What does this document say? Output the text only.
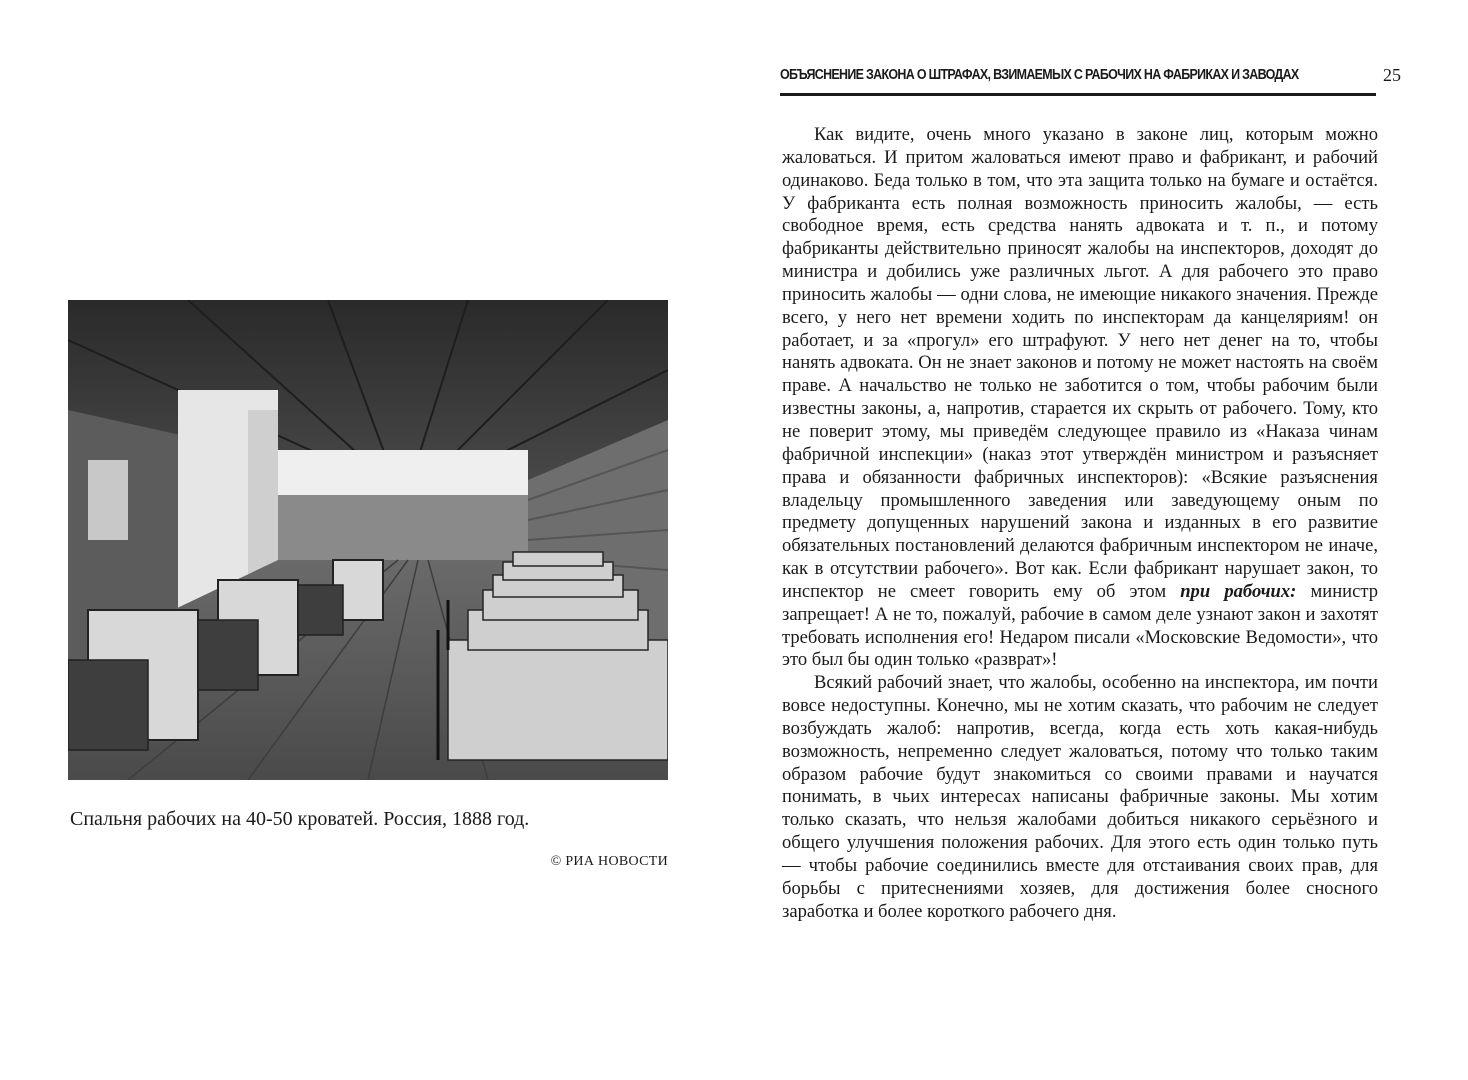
Спальня рабочих на 40-50 кроватей. Россия, 1888 год.
© РИА НОВОСТИ
ОБЪЯСНЕНИЕ ЗАКОНА О ШТРАФАХ, ВЗИМАЕМЫХ С РАБОЧИХ НА ФАБРИКАХ И ЗАВОДАХ	25

Как видите, очень много указано в законе лиц, которым можно жаловаться. И притом жаловаться имеют право и фабрикант, и рабочий одинаково. Беда только в том, что эта защита только на бумаге и остаётся. У фабриканта есть полная возможность приносить жалобы, — есть свободное время, есть средства нанять адвоката и т. п., и потому фабриканты действительно приносят жалобы на инспекторов, доходят до министра и добились уже различных льгот. А для рабочего это право приносить жалобы — одни слова, не имеющие никакого значения. Прежде всего, у него нет времени ходить по инспекторам да канцеляриям! он работает, и за «прогул» его штрафуют. У него нет денег на то, чтобы нанять адвоката. Он не знает законов и потому не может настоять на своём праве. А начальство не только не заботится о том, чтобы рабочим были известны законы, а, напротив, старается их скрыть от рабочего. Тому, кто не поверит этому, мы приведём следующее правило из «Наказа чинам фабричной инспекции» (наказ этот утверждён министром и разъясняет права и обязанности фабричных инспекторов): «Всякие разъяснения владельцу промышленного заведения или заведующему оным по предмету допущенных нарушений закона и изданных в его развитие обязательных постановлений делаются фабричным инспектором не иначе, как в отсутствии рабочего». Вот как. Если фабрикант нарушает закон, то инспектор не смеет говорить ему об этом при рабочих: министр запрещает! А не то, пожалуй, рабочие в самом деле узнают закон и захотят требовать исполнения его! Недаром писали «Московские Ведомости», что это был бы один только «разврат»!

Всякий рабочий знает, что жалобы, особенно на инспектора, им почти вовсе недоступны. Конечно, мы не хотим сказать, что рабочим не следует возбуждать жалоб: напротив, всегда, когда есть хоть какая-нибудь возможность, непременно следует жаловаться, потому что только таким образом рабочие будут знакомиться со своими правами и научатся понимать, в чьих интересах написаны фабричные законы. Мы хотим только сказать, что нельзя жалобами добиться никакого серьёзного и общего улучшения положения рабочих. Для этого есть один только путь — чтобы рабочие соединились вместе для отстаивания своих прав, для борьбы с притеснениями хозяев, для достижения более сносного заработка и более короткого рабочего дня.
